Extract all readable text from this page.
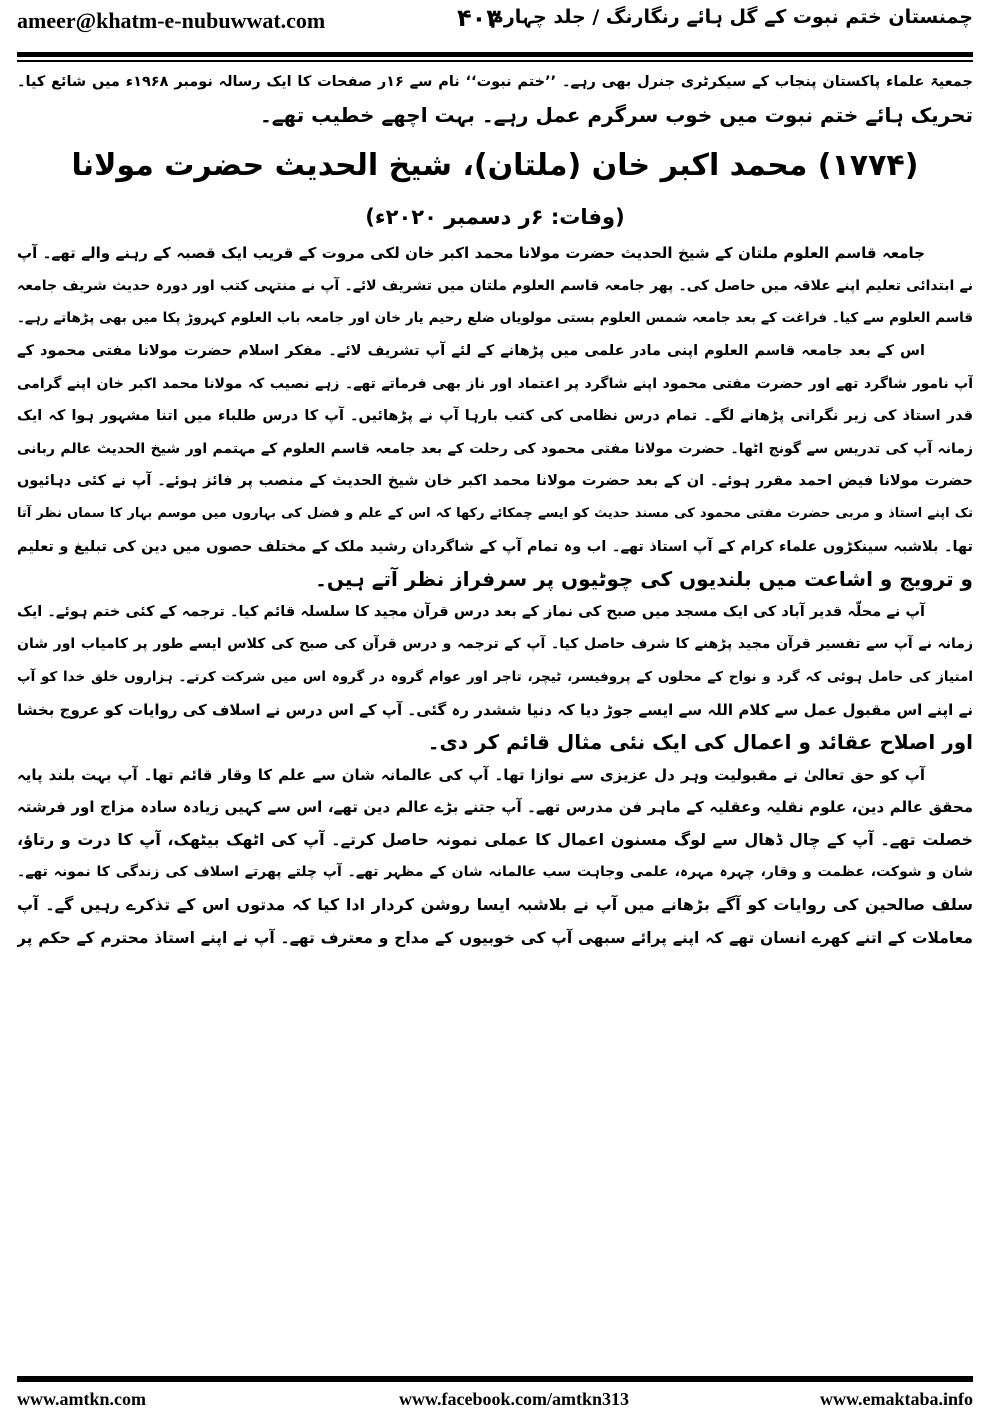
ameer@khatm-e-nubuwwat.com	۴۰۳
چمنستان ختم نبوت کے گل ہائے رنگارنگ / جلد چہارم
جمعیۃ علماء پاکستان پنجاب کے سیکرٹری جنرل بھی رہے۔ ’’ختم نبوت‘‘ نام سے ۱۶ر صفحات کا ایک رسالہ نومبر ۱۹۶۸ء میں شائع کیا۔
تحریک ہائے ختم نبوت میں خوب سرگرم عمل رہے۔ بہت اچھے خطیب تھے۔
(۱۷۷۴) محمد اکبر خان (ملتان)، شیخ الحدیث حضرت مولانا
(وفات: ۶ر دسمبر ۲۰۲۰ء)
جامعہ قاسم العلوم ملتان کے شیخ الحدیث حضرت مولانا محمد اکبر خان لکی مروت کے قریب ایک قصبہ کے رہنے والے تھے۔ آپ
نے ابتدائی تعلیم اپنے علاقہ میں حاصل کی۔ پھر جامعہ قاسم العلوم ملتان میں تشریف لائے۔ آپ نے منتہی کتب اور دورہ حدیث شریف جامعہ
قاسم العلوم سے کیا۔ فراغت کے بعد جامعہ شمس العلوم بستی مولویاں ضلع رحیم یار خان اور جامعہ باب العلوم کہروڑ پکا میں بھی پڑھاتے رہے۔
اس کے بعد جامعہ قاسم العلوم اپنی مادر علمی میں پڑھانے کے لئے آپ تشریف لائے۔ مفکر اسلام حضرت مولانا مفتی محمود کے
آپ نامور شاگرد تھے اور حضرت مفتی محمود اپنے شاگرد پر اعتماد اور ناز بھی فرماتے تھے۔ زہے نصیب کہ مولانا محمد اکبر خان اپنے گرامی
قدر استاذ کی زیر نگرانی پڑھانے لگے۔ تمام درس نظامی کی کتب بارہا آپ نے پڑھائیں۔ آپ کا درس طلباء میں اتنا مشہور ہوا کہ ایک
زمانہ آپ کی تدریس سے گونج اٹھا۔ حضرت مولانا مفتی محمود کی رحلت کے بعد جامعہ قاسم العلوم کے مہتمم اور شیخ الحدیث عالم ربانی
حضرت مولانا فیض احمد مقرر ہوئے۔ ان کے بعد حضرت مولانا محمد اکبر خان شیخ الحدیث کے منصب پر فائز ہوئے۔ آپ نے کئی دہائیوں
تک اپنے استاذ و مربی حضرت مفتی محمود کی مسند حدیث کو ایسے چمکائے رکھا کہ اس کے علم و فضل کی بہاروں میں موسم بہار کا سماں نظر آتا
تھا۔ بلاشبہ سینکڑوں علماء کرام کے آپ استاذ تھے۔ اب وہ تمام آپ کے شاگردان رشید ملک کے مختلف حصوں میں دین کی تبلیغ و تعلیم
و ترویج و اشاعت میں بلندیوں کی چوٹیوں پر سرفراز نظر آتے ہیں۔
آپ نے محلّہ قدیر آباد کی ایک مسجد میں صبح کی نماز کے بعد درس قرآن مجید کا سلسلہ قائم کیا۔ ترجمہ کے کئی ختم ہوئے۔ ایک
زمانہ نے آپ سے تفسیر قرآن مجید پڑھنے کا شرف حاصل کیا۔ آپ کے ترجمہ و درس قرآن کی صبح کی کلاس ایسے طور پر کامیاب اور شان
امتیاز کی حامل ہوئی کہ گرد و نواح کے محلوں کے پروفیسر، ٹیچر، تاجر اور عوام گروہ در گروہ اس میں شرکت کرتے۔ ہزاروں خلق خدا کو آپ
نے اپنے اس مقبول عمل سے کلام اللہ سے ایسے جوڑ دیا کہ دنیا ششدر رہ گئی۔ آپ کے اس درس نے اسلاف کی روایات کو عروج بخشا
اور اصلاح عقائد و اعمال کی ایک نئی مثال قائم کر دی۔
آپ کو حق تعالیٰ نے مقبولیت وہر دل عزیزی سے نوازا تھا۔ آپ کی عالمانہ شان سے علم کا وقار قائم تھا۔ آپ بہت بلند پایہ
محقق عالم دین، علوم نقلیہ وعقلیہ کے ماہر فن مدرس تھے۔ آپ جتنے بڑے عالم دین تھے، اس سے کہیں زیادہ سادہ مزاج اور فرشتہ
خصلت تھے۔ آپ کے چال ڈھال سے لوگ مسنون اعمال کا عملی نمونہ حاصل کرتے۔ آپ کی اٹھک بیٹھک، آپ کا درت و رتاؤ،
شان و شوکت، عظمت و وقار، چہرہ مہرہ، علمی وجاہت سب عالمانہ شان کے مظہر تھے۔ آپ چلتے پھرتے اسلاف کی زندگی کا نمونہ تھے۔
سلف صالحین کی روایات کو آگے بڑھانے میں آپ نے بلاشبہ ایسا روشن کردار ادا کیا کہ مدتوں اس کے تذکرے رہیں گے۔ آپ
معاملات کے اتنے کھرے انسان تھے کہ اپنے پرائے سبھی آپ کی خوبیوں کے مداح و معترف تھے۔ آپ نے اپنے استاذ محترم کے حکم پر
www.amtkn.com	www.facebook.com/amtkn313	www.emaktaba.info
